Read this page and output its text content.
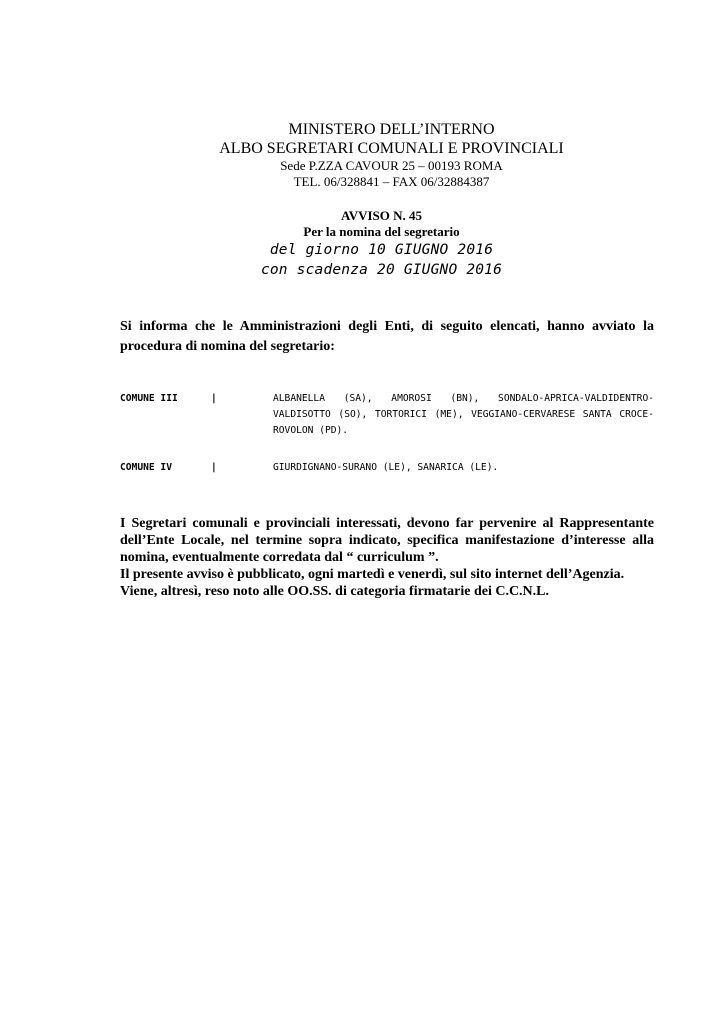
MINISTERO DELL’INTERNO
ALBO SEGRETARI COMUNALI E PROVINCIALI
Sede P.ZZA CAVOUR 25 – 00193 ROMA
TEL. 06/328841 – FAX 06/32884387
AVVISO N. 45
Per la nomina del segretario
del giorno 10 GIUGNO 2016
con scadenza 20 GIUGNO 2016
Si informa che le Amministrazioni degli Enti, di seguito elencati, hanno avviato la procedura di nomina del segretario:
COMUNE III	|	ALBANELLA (SA), AMOROSI (BN), SONDALO-APRICA-VALDIDENTRO-VALDISOTTO (SO), TORTORICI (ME), VEGGIANO-CERVARESE SANTA CROCE-ROVOLON (PD).
COMUNE IV	|	GIURDIGNANO-SURANO (LE), SANARICA (LE).
I Segretari comunali e provinciali interessati, devono far pervenire al Rappresentante dell’Ente Locale, nel termine sopra indicato, specifica manifestazione d’interesse alla nomina, eventualmente corredata dal “ curriculum ”.
Il presente avviso è pubblicato, ogni martedì e venerdì, sul sito internet dell’Agenzia.
Viene, altresì, reso noto alle OO.SS. di categoria firmatarie dei C.C.N.L.
